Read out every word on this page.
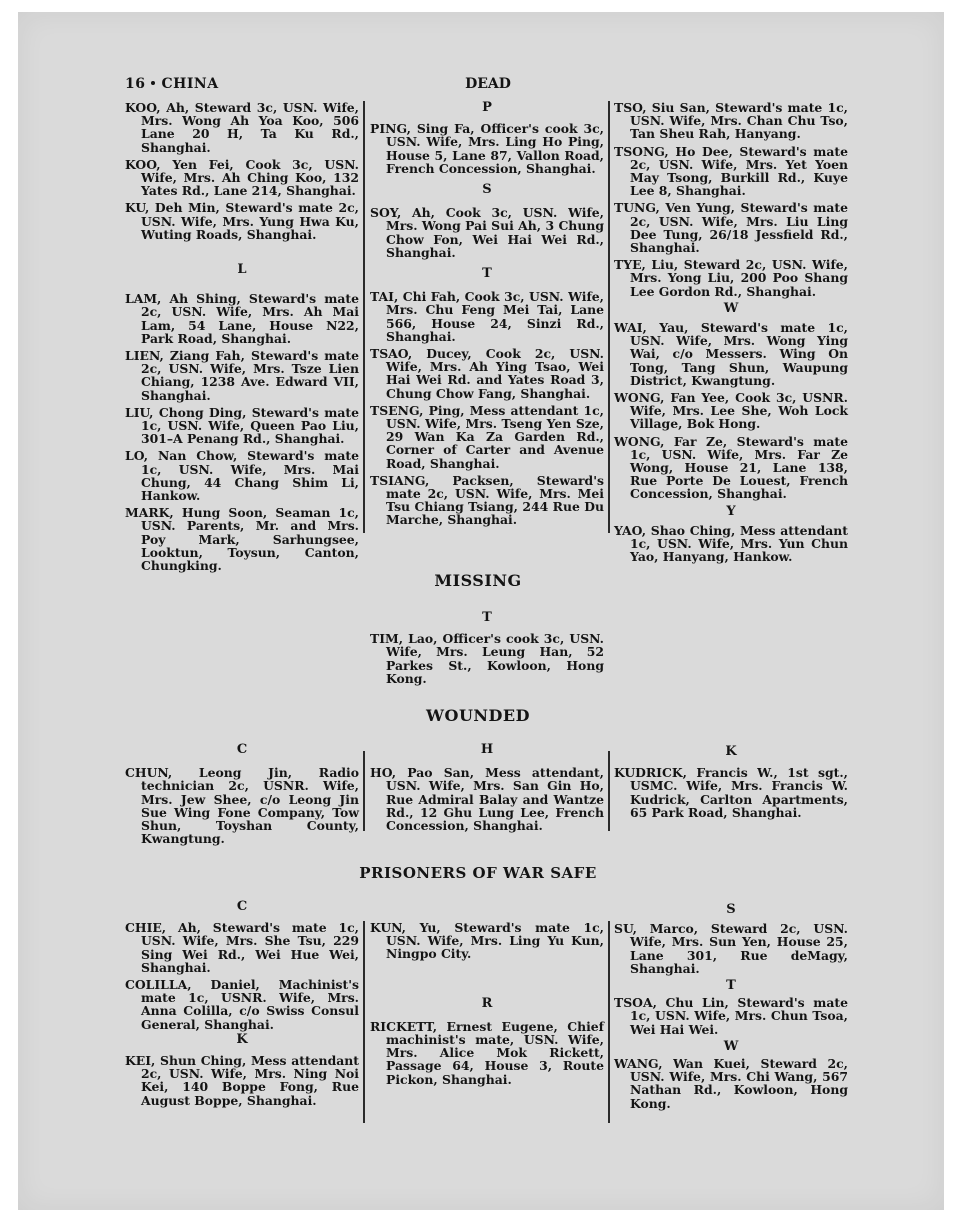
16 CHINA	DEAD
KOO, Ah, Steward 3c, USN. Wife, Mrs. Wong Ah Yoa Koo, 506 Lane 20 H, Ta Ku Rd., Shanghai.
KOO, Yen Fei, Cook 3c, USN. Wife, Mrs. Ah Ching Koo, 132 Yates Rd., Lane 214, Shanghai.
KU, Deh Min, Steward's mate 2c, USN. Wife, Mrs. Yung Hwa Ku, Wuting Roads, Shanghai.
L
LAM, Ah Shing, Steward's mate 2c, USN. Wife, Mrs. Ah Mai Lam, 54 Lane, House N22, Park Road, Shanghai.
LIEN, Ziang Fah, Steward's mate 2c, USN. Wife, Mrs. Tsze Lien Chiang, 1238 Ave. Edward VII, Shanghai.
LIU, Chong Ding, Steward's mate 1c, USN. Wife, Queen Pao Liu, 301–A Penang Rd., Shanghai.
LO, Nan Chow, Steward's mate 1c, USN. Wife, Mrs. Mai Chung, 44 Chang Shim Li, Hankow.
MARK, Hung Soon, Seaman 1c, USN. Parents, Mr. and Mrs. Poy Mark, Sarhungsee, Looktun, Toysun, Canton, Chungking.
P
PING, Sing Fa, Officer's cook 3c, USN. Wife, Mrs. Ling Ho Ping, House 5, Lane 87, Vallon Road, French Concession, Shanghai.
S
SOY, Ah, Cook 3c, USN. Wife, Mrs. Wong Pai Sui Ah, 3 Chung Chow Fon, Wei Hai Wei Rd., Shanghai.
T
TAI, Chi Fah, Cook 3c, USN. Wife, Mrs. Chu Feng Mei Tai, Lane 566, House 24, Sinzi Rd., Shanghai.
TSAO, Ducey, Cook 2c, USN. Wife, Mrs. Ah Ying Tsao, Wei Hai Wei Rd. and Yates Road 3, Chung Chow Fang, Shanghai.
TSENG, Ping, Mess attendant 1c, USN. Wife, Mrs. Tseng Yen Sze, 29 Wan Ka Za Garden Rd., Corner of Carter and Avenue Road, Shanghai.
TSIANG, Packsen, Steward's mate 2c, USN. Wife, Mrs. Mei Tsu Chiang Tsiang, 244 Rue Du Marche, Shanghai.
TSO, Siu San, Steward's mate 1c, USN. Wife, Mrs. Chan Chu Tso, Tan Sheu Rah, Hanyang.
TSONG, Ho Dee, Steward's mate 2c, USN. Wife, Mrs. Yet Yoen May Tsong, Burkill Rd., Kuye Lee 8, Shanghai.
TUNG, Ven Yung, Steward's mate 2c, USN. Wife, Mrs. Liu Ling Dee Tung, 26/18 Jessfield Rd., Shanghai.
TYE, Liu, Steward 2c, USN. Wife, Mrs. Yong Liu, 200 Poo Shang Lee Gordon Rd., Shanghai.
W
WAI, Yau, Steward's mate 1c, USN. Wife, Mrs. Wong Ying Wai, c/o Messers. Wing On Tong, Tang Shun, Waupung District, Kwangtung.
WONG, Fan Yee, Cook 3c, USNR. Wife, Mrs. Lee She, Woh Lock Village, Bok Hong.
WONG, Far Ze, Steward's mate 1c, USN. Wife, Mrs. Far Ze Wong, House 21, Lane 138, Rue Porte De Louest, French Concession, Shanghai.
Y
YAO, Shao Ching, Mess attendant 1c, USN. Wife, Mrs. Yun Chun Yao, Hanyang, Hankow.
MISSING
T
TIM, Lao, Officer's cook 3c, USN. Wife, Mrs. Leung Han, 52 Parkes St., Kowloon, Hong Kong.
WOUNDED
C
CHUN, Leong Jin, Radio technician 2c, USNR. Wife, Mrs. Jew Shee, c/o Leong Jin Sue Wing Fone Company, Tow Shun, Toyshan County, Kwangtung.
H
HO, Pao San, Mess attendant, USN. Wife, Mrs. San Gin Ho, Rue Admiral Balay and Wantze Rd., 12 Ghu Lung Lee, French Concession, Shanghai.
K
KUDRICK, Francis W., 1st sgt., USMC. Wife, Mrs. Francis W. Kudrick, Carlton Apartments, 65 Park Road, Shanghai.
PRISONERS OF WAR SAFE
C
CHIE, Ah, Steward's mate 1c, USN. Wife, Mrs. She Tsu, 229 Sing Wei Rd., Wei Hue Wei, Shanghai.
COLILLA, Daniel, Machinist's mate 1c, USNR. Wife, Mrs. Anna Colilla, c/o Swiss Consul General, Shanghai.
K
KEI, Shun Ching, Mess attendant 2c, USN. Wife, Mrs. Ning Noi Kei, 140 Boppe Fong, Rue August Boppe, Shanghai.
KUN, Yu, Steward's mate 1c, USN. Wife, Mrs. Ling Yu Kun, Ningpo City.
R
RICKETT, Ernest Eugene, Chief machinist's mate, USN. Wife, Mrs. Alice Mok Rickett, Passage 64, House 3, Route Pickon, Shanghai.
S
SU, Marco, Steward 2c, USN. Wife, Mrs. Sun Yen, House 25, Lane 301, Rue deMagy, Shanghai.
T
TSOA, Chu Lin, Steward's mate 1c, USN. Wife, Mrs. Chun Tsoa, Wei Hai Wei.
W
WANG, Wan Kuei, Steward 2c, USN. Wife, Mrs. Chi Wang, 567 Nathan Rd., Kowloon, Hong Kong.
